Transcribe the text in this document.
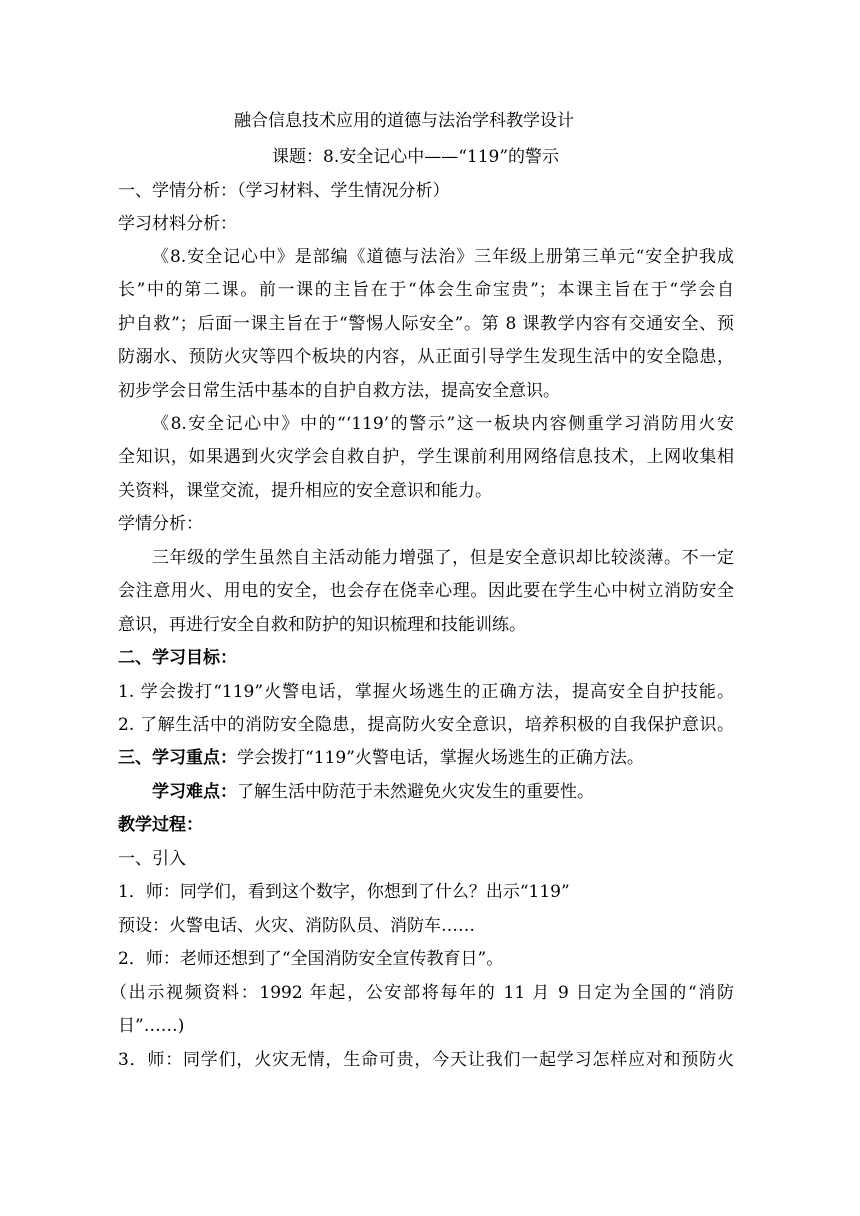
融合信息技术应用的道德与法治学科教学设计
课题：8.安全记心中——“119”的警示
一、学情分析：（学习材料、学生情况分析）
学习材料分析：
《8.安全记心中》是部编《道德与法治》三年级上册第三单元“安全护我成
长”中的第二课。前一课的主旨在于“体会生命宝贵”；本课主旨在于“学会自
护自救”；后面一课主旨在于“警惕人际安全”。第 8 课教学内容有交通安全、预
防溺水、预防火灾等四个板块的内容，从正面引导学生发现生活中的安全隐患，
初步学会日常生活中基本的自护自救方法，提高安全意识。
《8.安全记心中》中的“‘119’的警示”这一板块内容侧重学习消防用火安
全知识，如果遇到火灾学会自救自护，学生课前利用网络信息技术，上网收集相
关资料，课堂交流，提升相应的安全意识和能力。
学情分析：
三年级的学生虽然自主活动能力增强了，但是安全意识却比较淡薄。不一定
会注意用火、用电的安全，也会存在侥幸心理。因此要在学生心中树立消防安全
意识，再进行安全自救和防护的知识梳理和技能训练。
二、学习目标：
1. 学会拨打“119”火警电话，掌握火场逃生的正确方法，提高安全自护技能。
2. 了解生活中的消防安全隐患，提高防火安全意识，培养积极的自我保护意识。
三、学习重点：学会拨打“119”火警电话，掌握火场逃生的正确方法。
学习难点：了解生活中防范于未然避免火灾发生的重要性。
教学过程：
一、引入
1．师：同学们，看到这个数字，你想到了什么？出示“119”
预设：火警电话、火灾、消防队员、消防车……
2．师：老师还想到了“全国消防安全宣传教育日”。
（出示视频资料：1992 年起，公安部将每年的 11 月 9 日定为全国的“消防
日”……)
3．师：同学们，火灾无情，生命可贵，今天让我们一起学习怎样应对和预防火
